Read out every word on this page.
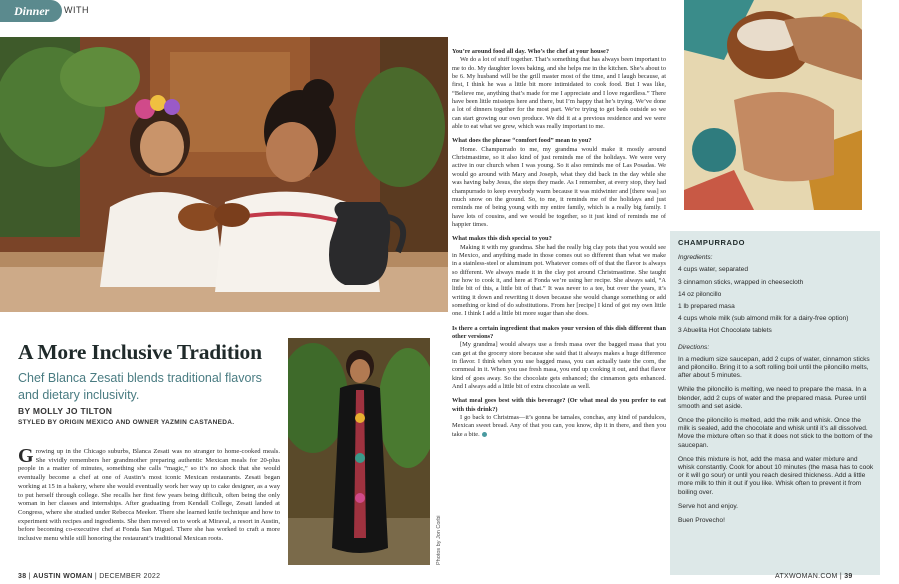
Dinner	WITH
A More Inclusive Tradition
Chef Blanca Zesati blends traditional flavors and dietary inclusivity.
BY MOLLY JO TILTON
STYLED BY ORIGIN MEXICO AND OWNER YAZMIN CASTANEDA.
Growing up in the Chicago suburbs, Blanca Zesati was no stranger to home-cooked meals. She vividly remembers her grandmother preparing authentic Mexican meals for 20-plus people in a matter of minutes, something she calls “magic,” so it’s no shock that she would eventually become a chef at one of Austin’s most iconic Mexican restaurants. Zesati began working at 15 in a bakery, where she would eventually work her way up to cake designer, as a way to put herself through college. She recalls her first few years being difficult, often being the only woman in her classes and internships. After graduating from Kendall College, Zesati landed at Congress, where she studied under Rebecca Meeker. There she learned knife technique and how to experiment with recipes and ingredients. She then moved on to work at Miraval, a resort in Austin, before becoming co-executive chef at Fonda San Miguel. There she has worked to craft a more inclusive menu while still honoring the restaurant’s traditional Mexican roots.

You’re around food all day. Who’s the chef at your house?

We do a lot of stuff together. That’s something that has always been important to me to do. My daughter loves baking, and she helps me in the kitchen. She’s about to be 6. My husband will be the grill master most of the time, and I laugh because, at first, I think he was a little bit more intimidated to cook food. But I was like, “Believe me, anything that’s made for me I appreciate and I love regardless.” There have been little missteps here and there, but I’m happy that he’s trying. We’ve done a lot of dinners together for the most part. We’re trying to get beds outside so we can start growing our own produce. We did it at a previous residence and we were able to eat what we grew, which was really important to me.

What does the phrase “comfort food” mean to you?

Home. Champurrado to me, my grandma would make it mostly around Christmastime, so it also kind of just reminds me of the holidays. We were very active in our church when I was young. So it also reminds me of Las Posadas. We would go around with Mary and Joseph, what they did back in the day while she was having baby Jesus, the steps they made. As I remember, at every stop, they had champurrado to keep everybody warm because it was midwinter and [there was] so much snow on the ground. So, to me, it reminds me of the holidays and just reminds me of being young with my entire family, which is a really big family. I have lots of cousins, and we would be together, so it just kind of reminds me of happier times.

What makes this dish special to you?

Making it with my grandma. She had the really big clay pots that you would see in Mexico, and anything made in those comes out so different than what we make in a stainless-steel or aluminum pot. Whatever comes off of that the flavor is always so different. We always made it in the clay pot around Christmastime. She taught me how to cook it, and here at Fonda we’re using her recipe. She always said, “A little bit of this, a little bit of that.” It was never to a tee, but over the years, it’s writing it down and rewriting it down because she would change something or add something or kind of do substitutions. From her [recipe] I kind of got my own little one. I think I add a little bit more sugar than she does.

Is there a certain ingredient that makes your version of this dish different than other versions?

[My grandma] would always use a fresh masa over the bagged masa that you can get at the grocery store because she said that it always makes a huge difference in flavor. I think when you use bagged masa, you can actually taste the corn, the cornmeal in it. When you use fresh masa, you end up cooking it out, and that flavor kind of goes away. So the chocolate gets enhanced; the cinnamon gets enhanced. And I always add a little bit of extra chocolate as well.

What meal goes best with this beverage? (Or what meal do you prefer to eat with this drink?)

I go back to Christmas—it’s gonna be tamales, conchas, any kind of pandulces, Mexican sweet bread. Any of that you can, you know, dip it in there, and then you take a bite.

Photos by Jon Corbi
CHAMPURRADO
Ingredients:
4 cups water, separated
3 cinnamon sticks, wrapped in cheesecloth
14 oz piloncillo
1 lb prepared masa
4 cups whole milk (sub almond milk for a dairy-free option)
3 Abuelita Hot Chocolate tablets
Directions:
In a medium size saucepan, add 2 cups of water, cinnamon sticks and piloncillo. Bring it to a soft rolling boil until the piloncillo melts, after about 5 minutes.
While the piloncillo is melting, we need to prepare the masa. In a blender, add 2 cups of water and the prepared masa. Puree until smooth and set aside.
Once the piloncillo is melted, add the milk and whisk. Once the milk is sealed, add the chocolate and whisk until it’s all dissolved. Move the mixture often so that it does not stick to the bottom of the saucepan.
Once this mixture is hot, add the masa and water mixture and whisk constantly. Cook for about 10 minutes (the masa has to cook or it will go sour) or until you reach desired thickness. Add a little more milk to thin it out if you like. Whisk often to prevent it from boiling over.
Serve hot and enjoy.
Buen Provecho!
38 | AUSTIN WOMAN | DECEMBER 2022	ATXWOMAN.COM | 39
